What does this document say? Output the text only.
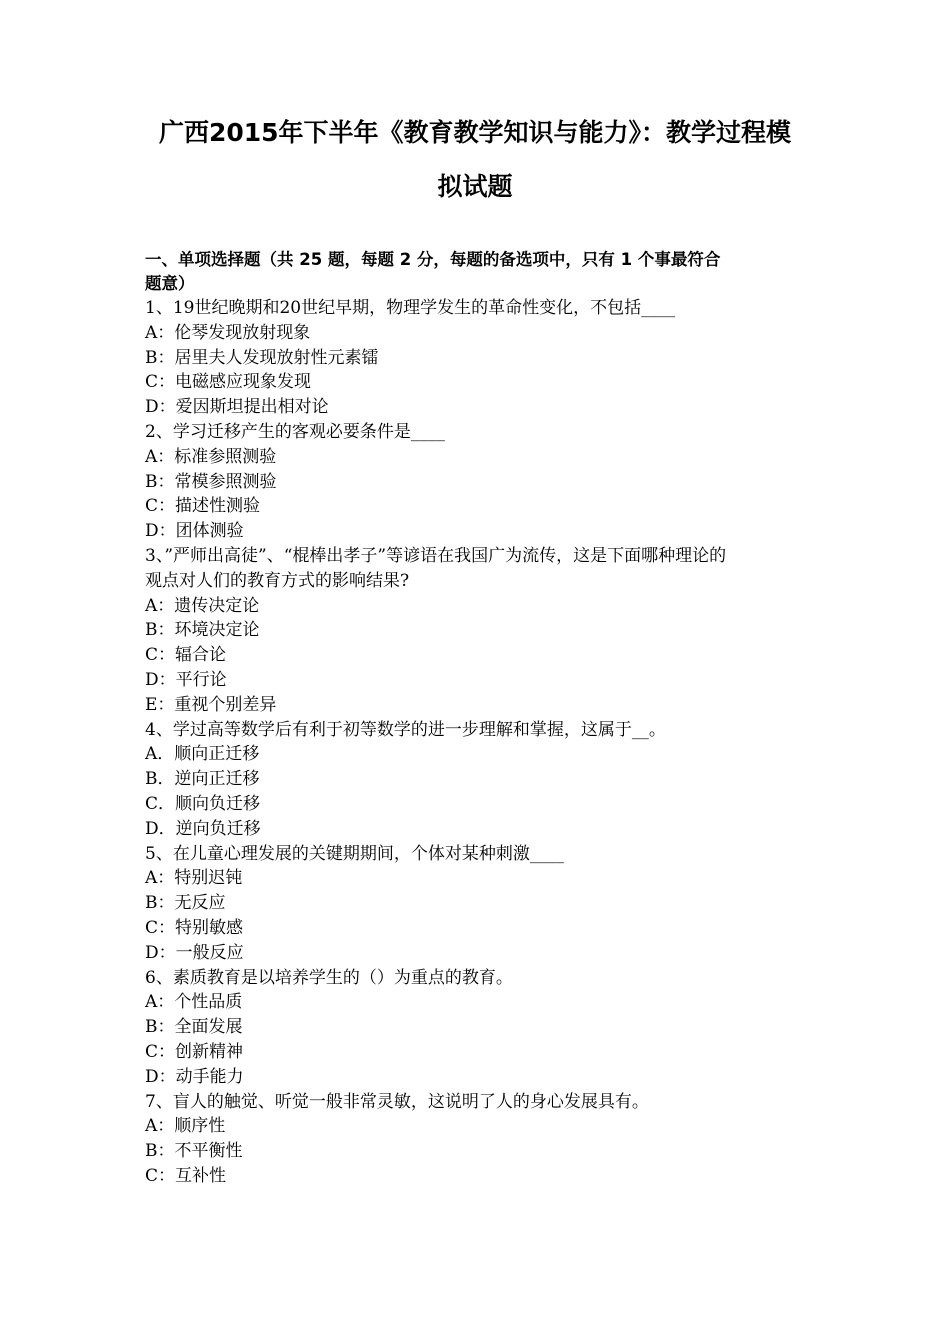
广西2015年下半年《教育教学知识与能力》：教学过程模
拟试题
一、单项选择题（共 25 题，每题 2 分，每题的备选项中，只有 1 个事最符合
题意）
1、19世纪晚期和20世纪早期，物理学发生的革命性变化，不包括____
A：伦琴发现放射现象
B：居里夫人发现放射性元素镭
C：电磁感应现象发现
D：爱因斯坦提出相对论
2、学习迁移产生的客观必要条件是____
A：标准参照测验
B：常模参照测验
C：描述性测验
D：团体测验
3、”严师出高徒”、“棍棒出孝子”等谚语在我国广为流传，这是下面哪种理论的
观点对人们的教育方式的影响结果?
A：遗传决定论
B：环境决定论
C：辐合论
D：平行论
E：重视个别差异
4、学过高等数学后有利于初等数学的进一步理解和掌握，这属于__。
A．顺向正迁移
B．逆向正迁移
C．顺向负迁移
D．逆向负迁移
5、在儿童心理发展的关键期期间，个体对某种刺激____
A：特别迟钝
B：无反应
C：特别敏感
D：一般反应
6、素质教育是以培养学生的（）为重点的教育。
A：个性品质
B：全面发展
C：创新精神
D：动手能力
7、盲人的触觉、听觉一般非常灵敏，这说明了人的身心发展具有。
A：顺序性
B：不平衡性
C：互补性
